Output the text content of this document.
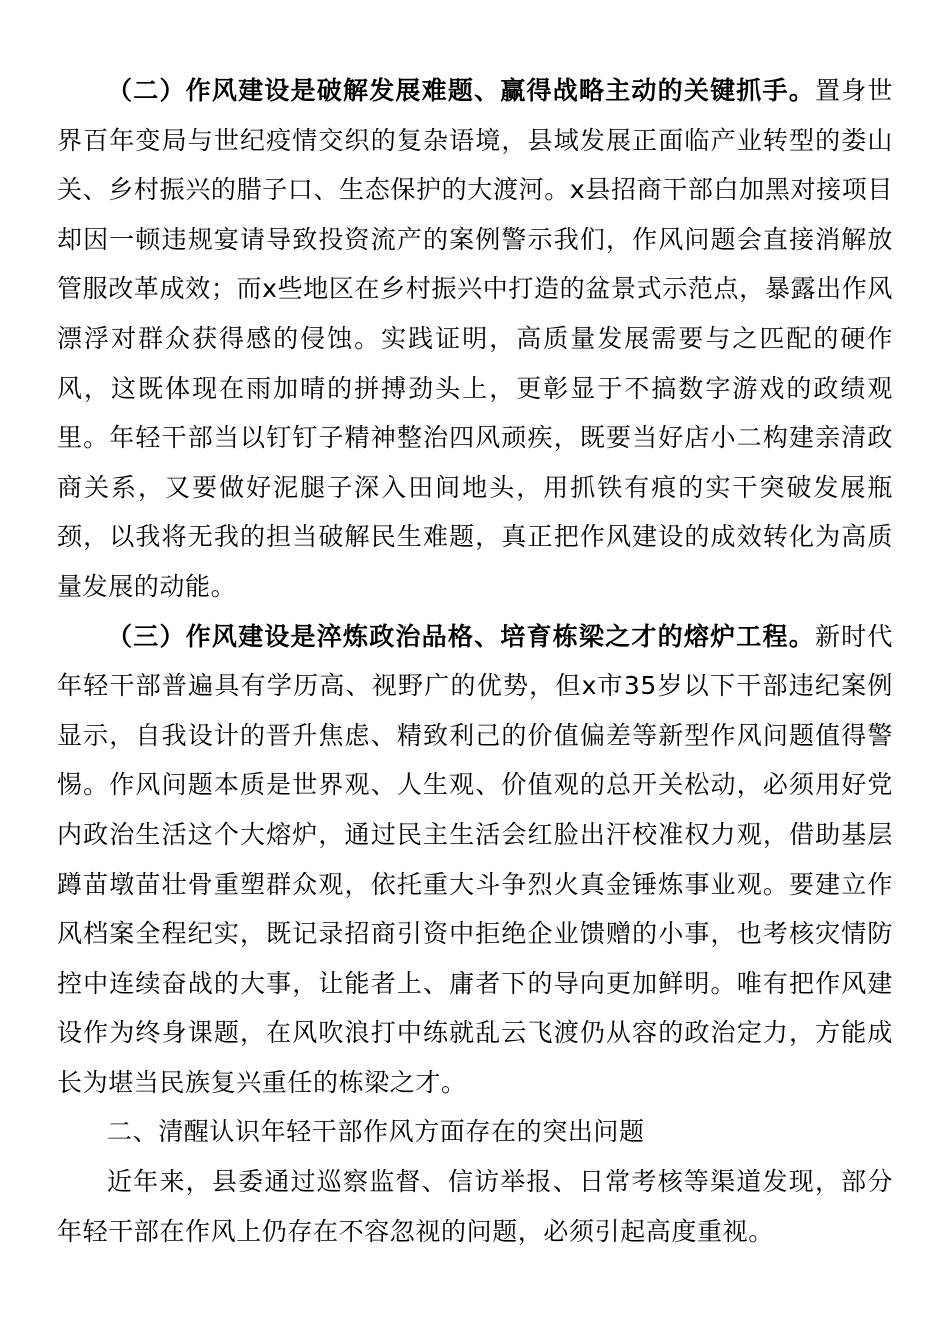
（二）作风建设是破解发展难题、赢得战略主动的关键抓手。置身世界百年变局与世纪疫情交织的复杂语境，县域发展正面临产业转型的娄山关、乡村振兴的腊子口、生态保护的大渡河。x县招商干部白加黑对接项目却因一顿违规宴请导致投资流产的案例警示我们，作风问题会直接消解放管服改革成效；而x些地区在乡村振兴中打造的盆景式示范点，暴露出作风漂浮对群众获得感的侵蚀。实践证明，高质量发展需要与之匹配的硬作风，这既体现在雨加晴的拼搏劲头上，更彰显于不搞数字游戏的政绩观里。年轻干部当以钉钉子精神整治四风顽疾，既要当好店小二构建亲清政商关系，又要做好泥腿子深入田间地头，用抓铁有痕的实干突破发展瓶颈，以我将无我的担当破解民生难题，真正把作风建设的成效转化为高质量发展的动能。

（三）作风建设是淬炼政治品格、培育栋梁之才的熔炉工程。新时代年轻干部普遍具有学历高、视野广的优势，但x市35岁以下干部违纪案例显示，自我设计的晋升焦虑、精致利己的价值偏差等新型作风问题值得警惕。作风问题本质是世界观、人生观、价值观的总开关松动，必须用好党内政治生活这个大熔炉，通过民主生活会红脸出汗校准权力观，借助基层蹲苗墩苗壮骨重塑群众观，依托重大斗争烈火真金锤炼事业观。要建立作风档案全程纪实，既记录招商引资中拒绝企业馈赠的小事，也考核灾情防控中连续奋战的大事，让能者上、庸者下的导向更加鲜明。唯有把作风建设作为终身课题，在风吹浪打中练就乱云飞渡仍从容的政治定力，方能成长为堪当民族复兴重任的栋梁之才。

二、清醒认识年轻干部作风方面存在的突出问题

近年来，县委通过巡察监督、信访举报、日常考核等渠道发现，部分年轻干部在作风上仍存在不容忽视的问题，必须引起高度重视。
